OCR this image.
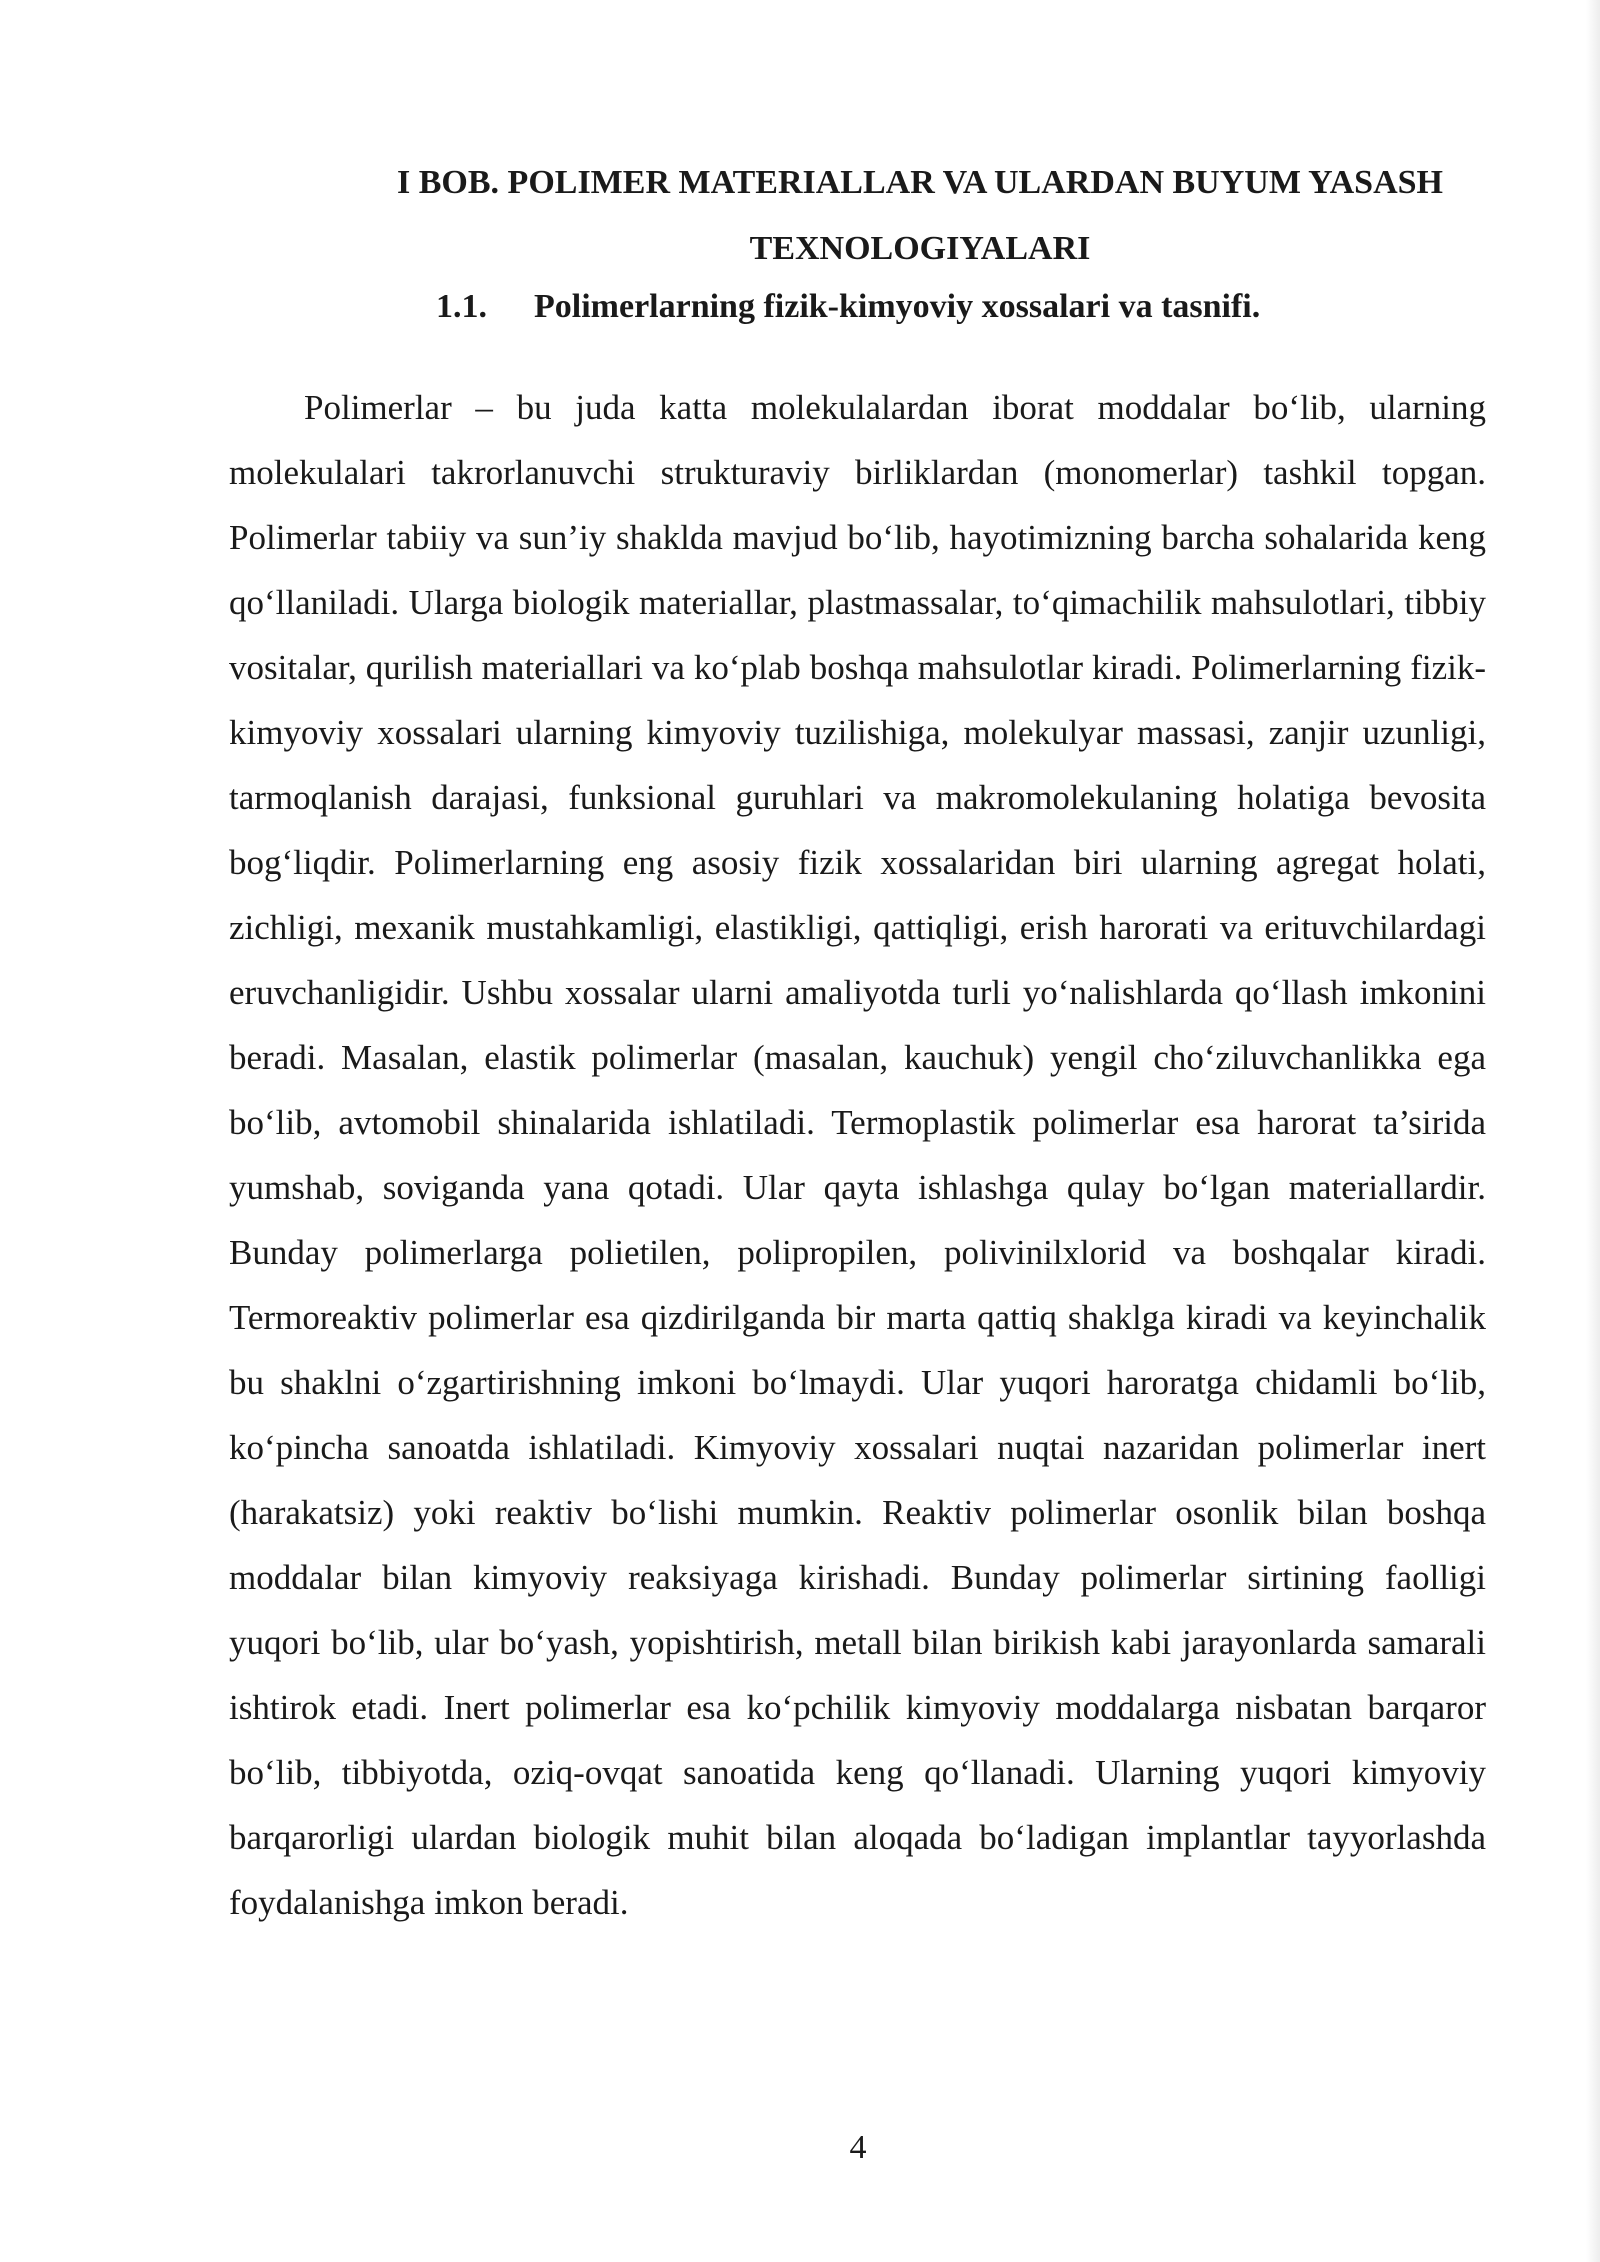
I BOB. POLIMER MATERIALLAR VA ULARDAN BUYUM YASASH TEXNOLOGIYALARI
1.1. Polimerlarning fizik-kimyoviy xossalari va tasnifi.

Polimerlar – bu juda katta molekulalardan iborat moddalar bo‘lib, ularning molekulalari takrorlanuvchi strukturaviy birliklardan (monomerlar) tashkil topgan. Polimerlar tabiiy va sun’iy shaklda mavjud bo‘lib, hayotimizning barcha sohalarida keng qo‘llaniladi. Ularga biologik materiallar, plastmassalar, to‘qimachilik mahsulotlari, tibbiy vositalar, qurilish materiallari va ko‘plab boshqa mahsulotlar kiradi. Polimerlarning fizik-kimyoviy xossalari ularning kimyoviy tuzilishiga, molekulyar massasi, zanjir uzunligi, tarmoqlanish darajasi, funksional guruhlari va makromolekulaning holatiga bevosita bog‘liqdir. Polimerlarning eng asosiy fizik xossalaridan biri ularning agregat holati, zichligi, mexanik mustahkamligi, elastikligi, qattiqligi, erish harorati va erituvchilardagi eruvchanligidir. Ushbu xossalar ularni amaliyotda turli yo‘nalishlarda qo‘llash imkonini beradi. Masalan, elastik polimerlar (masalan, kauchuk) yengil cho‘ziluvchanlikka ega bo‘lib, avtomobil shinalarida ishlatiladi. Termoplastik polimerlar esa harorat ta’sirida yumshab, soviganda yana qotadi. Ular qayta ishlashga qulay bo‘lgan materiallardir. Bunday polimerlarga polietilen, polipropilen, polivinilxlorid va boshqalar kiradi. Termoreaktiv polimerlar esa qizdirilganda bir marta qattiq shaklga kiradi va keyinchalik bu shaklni o‘zgartirishning imkoni bo‘lmaydi. Ular yuqori haroratga chidamli bo‘lib, ko‘pincha sanoatda ishlatiladi. Kimyoviy xossalari nuqtai nazaridan polimerlar inert (harakatsiz) yoki reaktiv bo‘lishi mumkin. Reaktiv polimerlar osonlik bilan boshqa moddalar bilan kimyoviy reaksiyaga kirishadi. Bunday polimerlar sirtining faolligi yuqori bo‘lib, ular bo‘yash, yopishtirish, metall bilan birikish kabi jarayonlarda samarali ishtirok etadi. Inert polimerlar esa ko‘pchilik kimyoviy moddalarga nisbatan barqaror bo‘lib, tibbiyotda, oziq-ovqat sanoatida keng qo‘llanadi. Ularning yuqori kimyoviy barqarorligi ulardan biologik muhit bilan aloqada bo‘ladigan implantlar tayyorlashda foydalanishga imkon beradi.

4
